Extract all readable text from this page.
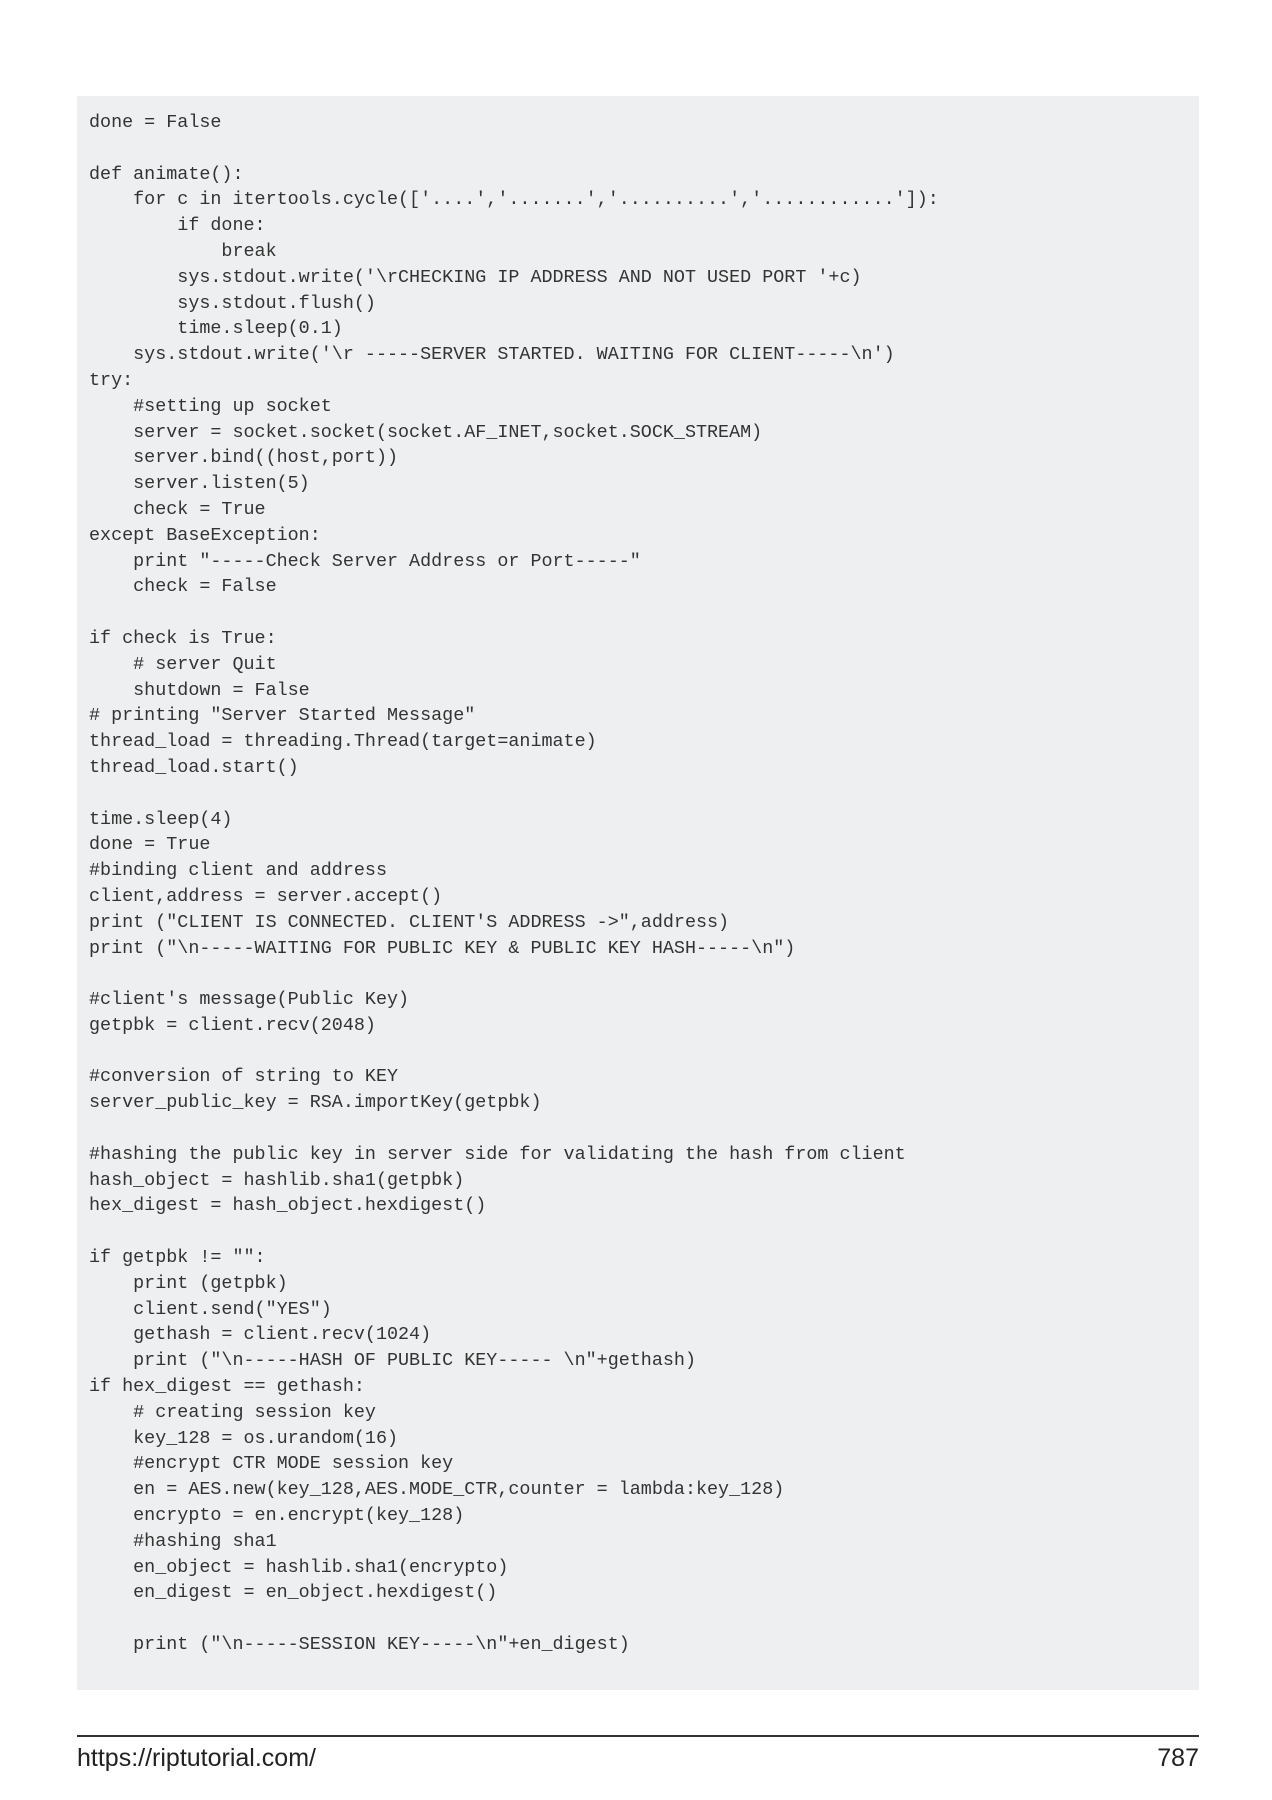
done = False
def animate():
for c in itertools.cycle(['....','.......','..........','............']):
if done:
break
sys.stdout.write('\rCHECKING IP ADDRESS AND NOT USED PORT '+c)
sys.stdout.flush()
time.sleep(0.1)
sys.stdout.write('\r -----SERVER STARTED. WAITING FOR CLIENT-----\n')
try:
#setting up socket
server = socket.socket(socket.AF_INET,socket.SOCK_STREAM)
server.bind((host,port))
server.listen(5)
check = True
except BaseException:
print "-----Check Server Address or Port-----"
check = False
if check is True:
# server Quit
shutdown = False
# printing "Server Started Message"
thread_load = threading.Thread(target=animate)
thread_load.start()
time.sleep(4)
done = True
#binding client and address
client,address = server.accept()
print ("CLIENT IS CONNECTED. CLIENT'S ADDRESS ->",address)
print ("\n-----WAITING FOR PUBLIC KEY & PUBLIC KEY HASH-----\n")
#client's message(Public Key)
getpbk = client.recv(2048)
#conversion of string to KEY
server_public_key = RSA.importKey(getpbk)
#hashing the public key in server side for validating the hash from client
hash_object = hashlib.sha1(getpbk)
hex_digest = hash_object.hexdigest()
if getpbk != "":
print (getpbk)
client.send("YES")
gethash = client.recv(1024)
print ("\n-----HASH OF PUBLIC KEY----- \n"+gethash)
if hex_digest == gethash:
# creating session key
key_128 = os.urandom(16)
#encrypt CTR MODE session key
en = AES.new(key_128,AES.MODE_CTR,counter = lambda:key_128)
encrypto = en.encrypt(key_128)
#hashing sha1
en_object = hashlib.sha1(encrypto)
en_digest = en_object.hexdigest()
print ("\n-----SESSION KEY-----\n"+en_digest)
https://riptutorial.com/	787
